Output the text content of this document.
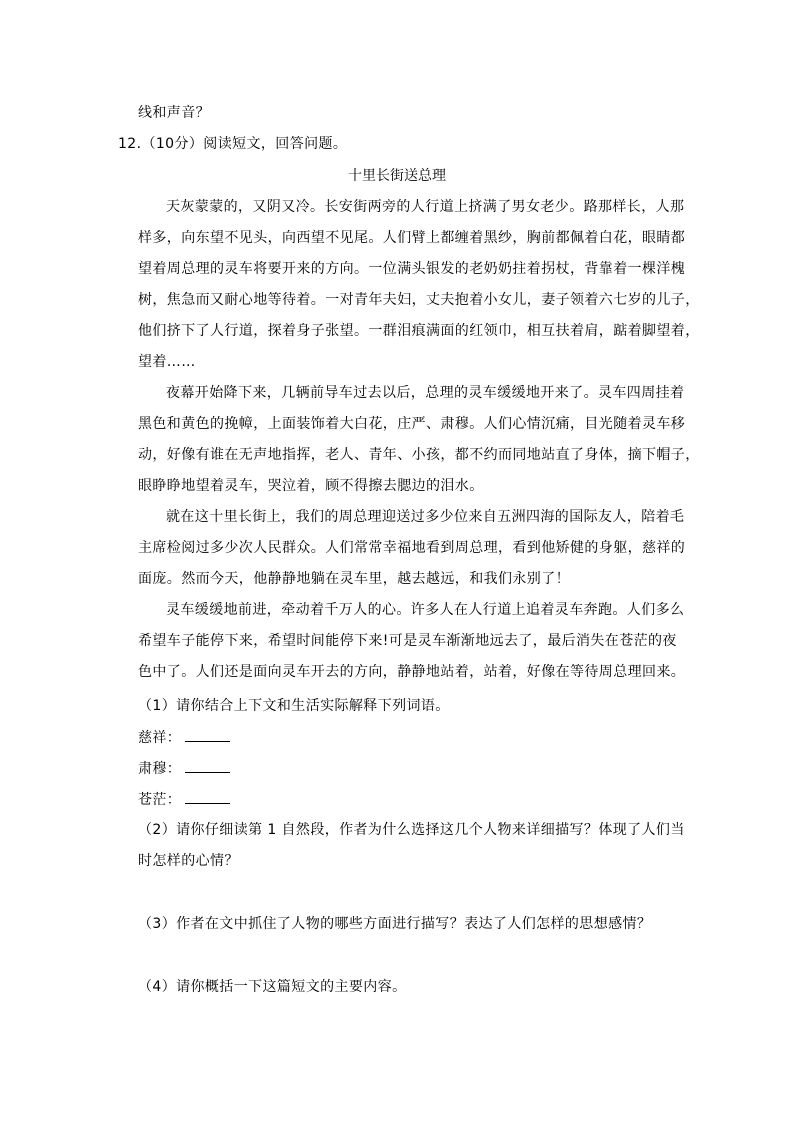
线和声音？
12.（10分）阅读短文，回答问题。
十里长街送总理
天灰蒙蒙的，又阴又冷。长安街两旁的人行道上挤满了男女老少。路那样长，人那
样多，向东望不见头，向西望不见尾。人们臂上都缠着黑纱，胸前都佩着白花，眼睛都
望着周总理的灵车将要开来的方向。一位满头银发的老奶奶拄着拐杖，背靠着一棵洋槐
树，焦急而又耐心地等待着。一对青年夫妇，丈夫抱着小女儿，妻子领着六七岁的儿子，
他们挤下了人行道，探着身子张望。一群泪痕满面的红领巾，相互扶着肩，踮着脚望着，
望着……
夜幕开始降下来，几辆前导车过去以后，总理的灵车缓缓地开来了。灵车四周挂着
黑色和黄色的挽幛，上面装饰着大白花，庄严、肃穆。人们心情沉痛，目光随着灵车移
动，好像有谁在无声地指挥，老人、青年、小孩，都不约而同地站直了身体，摘下帽子，
眼睁睁地望着灵车，哭泣着，顾不得擦去腮边的泪水。
就在这十里长街上，我们的周总理迎送过多少位来自五洲四海的国际友人，陪着毛
主席检阅过多少次人民群众。人们常常幸福地看到周总理，看到他矫健的身躯，慈祥的
面庞。然而今天，他静静地躺在灵车里，越去越远，和我们永别了！
灵车缓缓地前进，牵动着千万人的心。许多人在人行道上追着灵车奔跑。人们多么
希望车子能停下来，希望时间能停下来!可是灵车渐渐地远去了，最后消失在苍茫的夜
色中了。人们还是面向灵车开去的方向，静静地站着，站着，好像在等待周总理回来。
（1）请你结合上下文和生活实际解释下列词语。
慈祥：
肃穆：
苍茫：
（2）请你仔细读第 1 自然段，作者为什么选择这几个人物来详细描写？体现了人们当
时怎样的心情？
（3）作者在文中抓住了人物的哪些方面进行描写？表达了人们怎样的思想感情？
（4）请你概括一下这篇短文的主要内容。
